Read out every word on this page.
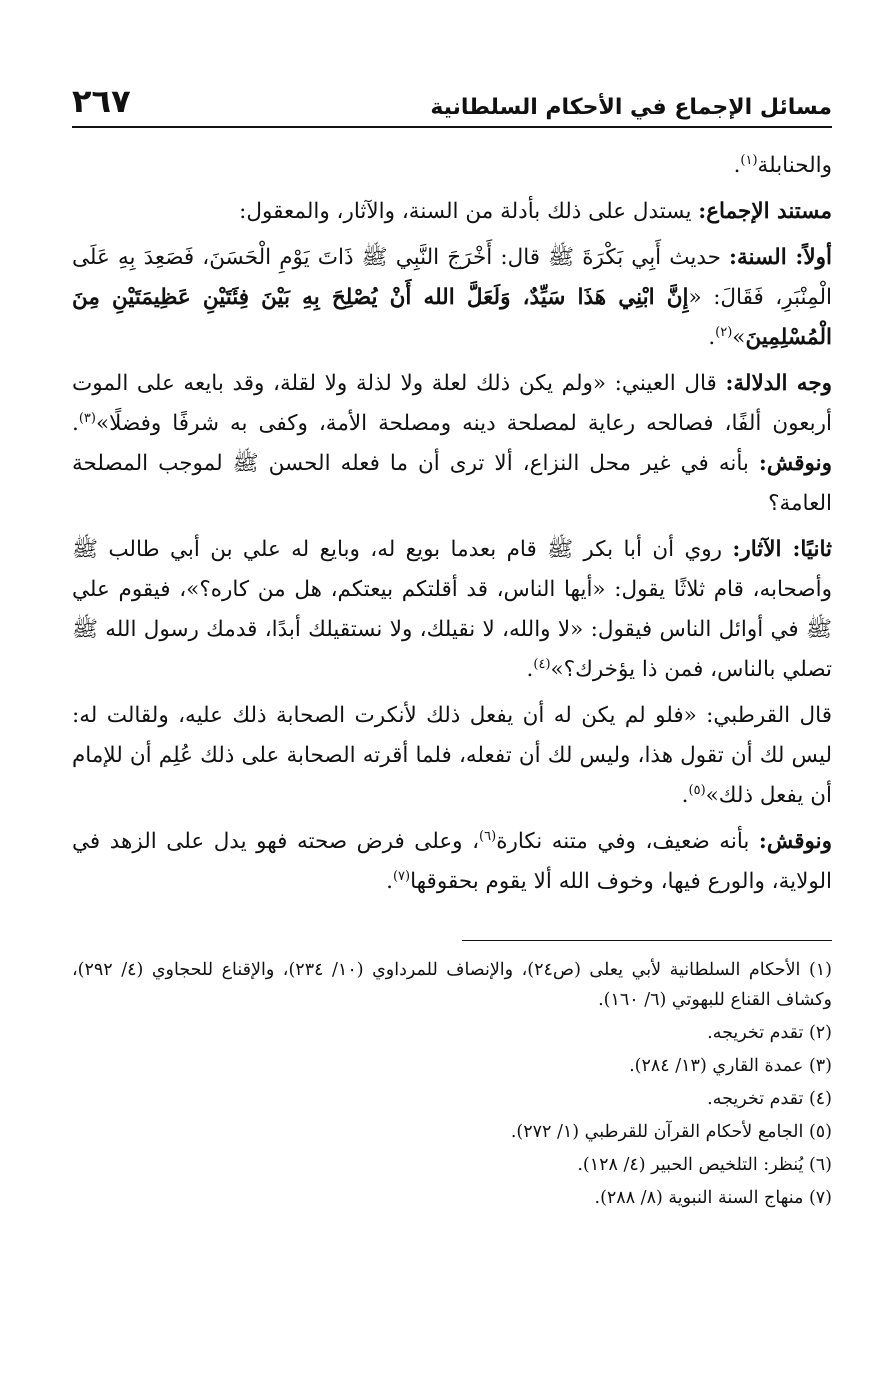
مسائل الإجماع في الأحكام السلطانية
٢٦٧

والحنابلة$^{(١)}$.

مستند الإجماع: يستدل على ذلك بأدلة من السنة، والآثار، والمعقول:

أولاً: السنة: حديث أَبِي بَكْرَةَ ﷺ قال: أَخْرَجَ النَّبِي ﷺ ذَاتَ يَوْمِ الْحَسَنَ، فَصَعِدَ بِهِ عَلَى الْمِنْبَرِ، فَقَالَ: «إِنَّ ابْنِي هَذَا سَيِّدٌ، وَلَعَلَّ الله أَنْ يُصْلِحَ بِهِ بَيْنَ فِئَتَيْنِ عَظِيمَتَيْنِ مِنَ الْمُسْلِمِينَ»$^{(٢)}$.

وجه الدلالة: قال العيني: «ولم يكن ذلك لعلة ولا لذلة ولا لقلة، وقد بايعه على الموت أربعون ألفًا، فصالحه رعاية لمصلحة دينه ومصلحة الأمة، وكفى به شرفًا وفضلًا»$^{(٣)}$. ونوقش: بأنه في غير محل النزاع، ألا ترى أن ما فعله الحسن ﷺ لموجب المصلحة العامة؟

ثانيًا: الآثار: روي أن أبا بكر ﷺ قام بعدما بويع له، وبايع له علي بن أبي طالب ﷺ وأصحابه، قام ثلاثًا يقول: «أيها الناس، قد أقلتكم بيعتكم، هل من كاره؟»، فيقوم علي ﷺ في أوائل الناس فيقول: «لا والله، لا نقيلك، ولا نستقيلك أبدًا، قدمك رسول الله ﷺ تصلي بالناس، فمن ذا يؤخرك؟»$^{(٤)}$.

قال القرطبي: «فلو لم يكن له أن يفعل ذلك لأنكرت الصحابة ذلك عليه، ولقالت له: ليس لك أن تقول هذا، وليس لك أن تفعله، فلما أقرته الصحابة على ذلك عُلِم أن للإمام أن يفعل ذلك»$^{(٥)}$.

ونوقش: بأنه ضعيف، وفي متنه نكارة$^{(٦)}$، وعلى فرض صحته فهو يدل على الزهد في الولاية، والورع فيها، وخوف الله ألا يقوم بحقوقها$^{(٧)}$.

(١) الأحكام السلطانية لأبي يعلى (ص٢٤)، والإنصاف للمرداوي (١٠/ ٢٣٤)، والإقناع للحجاوي (٤/ ٢٩٢)، وكشاف القناع للبهوتي (٦/ ١٦٠).

(٢) تقدم تخريجه.

(٣) عمدة القاري (١٣/ ٢٨٤).

(٤) تقدم تخريجه.

(٥) الجامع لأحكام القرآن للقرطبي (١/ ٢٧٢).

(٦) يُنظر: التلخيص الحبير (٤/ ١٢٨).

(٧) منهاج السنة النبوية (٨/ ٢٨٨).
